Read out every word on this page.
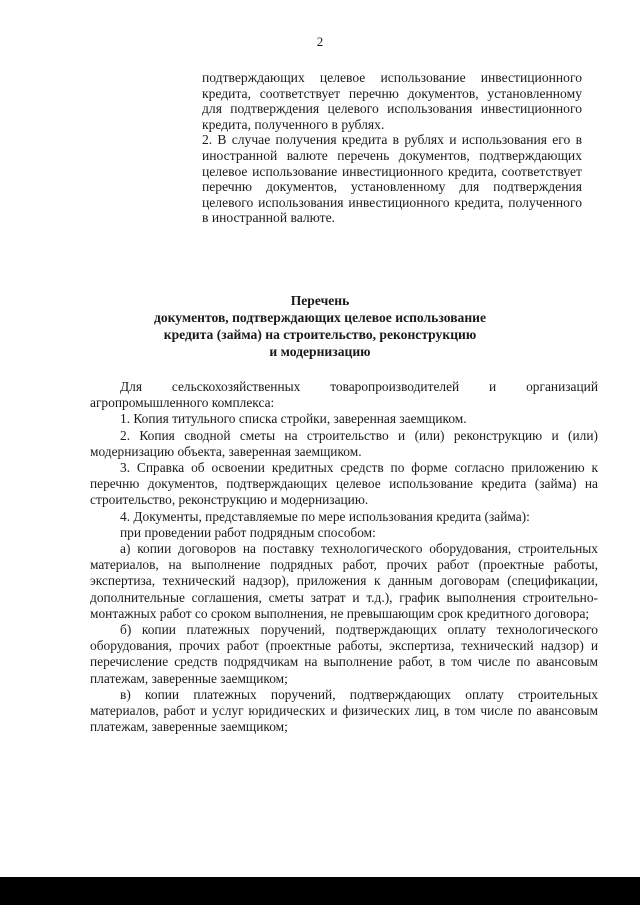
2

подтверждающих целевое использование инвестиционного кредита, соответствует перечню документов, установленному для подтверждения целевого использования инвестиционного кредита, полученного в рублях.

2. В случае получения кредита в рублях и использования его в иностранной валюте перечень документов, подтверждающих целевое использование инвестиционного кредита, соответствует перечню документов, установленному для подтверждения целевого использования инвестиционного кредита, полученного в иностранной валюте.

Перечень
документов, подтверждающих целевое использование
кредита (займа) на строительство, реконструкцию
и модернизацию

Для сельскохозяйственных товаропроизводителей и организаций агропромышленного комплекса:

1. Копия титульного списка стройки, заверенная заемщиком.

2. Копия сводной сметы на строительство и (или) реконструкцию и (или) модернизацию объекта, заверенная заемщиком.

3. Справка об освоении кредитных средств по форме согласно приложению к перечню документов, подтверждающих целевое использование кредита (займа) на строительство, реконструкцию и модернизацию.

4. Документы, представляемые по мере использования кредита (займа):

при проведении работ подрядным способом:

а) копии договоров на поставку технологического оборудования, строительных материалов, на выполнение подрядных работ, прочих работ (проектные работы, экспертиза, технический надзор), приложения к данным договорам (спецификации, дополнительные соглашения, сметы затрат и т.д.), график выполнения строительно-монтажных работ со сроком выполнения, не превышающим срок кредитного договора;

б) копии платежных поручений, подтверждающих оплату технологического оборудования, прочих работ (проектные работы, экспертиза, технический надзор) и перечисление средств подрядчикам на выполнение работ, в том числе по авансовым платежам, заверенные заемщиком;

в) копии платежных поручений, подтверждающих оплату строительных материалов, работ и услуг юридических и физических лиц, в том числе по авансовым платежам, заверенные заемщиком;
